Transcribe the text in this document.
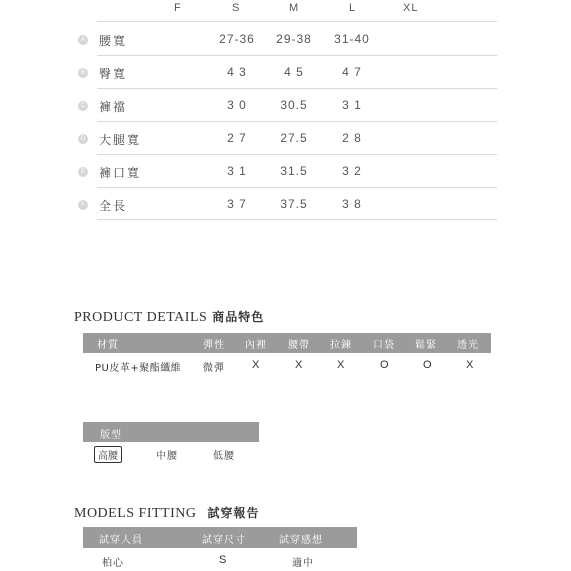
F	S	M	L	XL
A 腰寬	27-36	29-38	31-40
B 臀寬	4 3	4 5	4 7
C 褲襠	3 0	30.5	3 1
D 大腿寬	2 7	27.5	2 8
E 褲口寬	3 1	31.5	3 2
F 全長	3 7	37.5	3 8
PRODUCT DETAILS 商品特色
材質	彈性 內裡 腰帶 拉鍊 口袋 鬆緊 透光
PU皮革+聚酯纖維 微彈 X	X	X	O	O	X
版型
高腰	中腰	低腰
MODELS FITTING 試穿報告
試穿人員	試穿尺寸	試穿感想
柏心	S	適中
